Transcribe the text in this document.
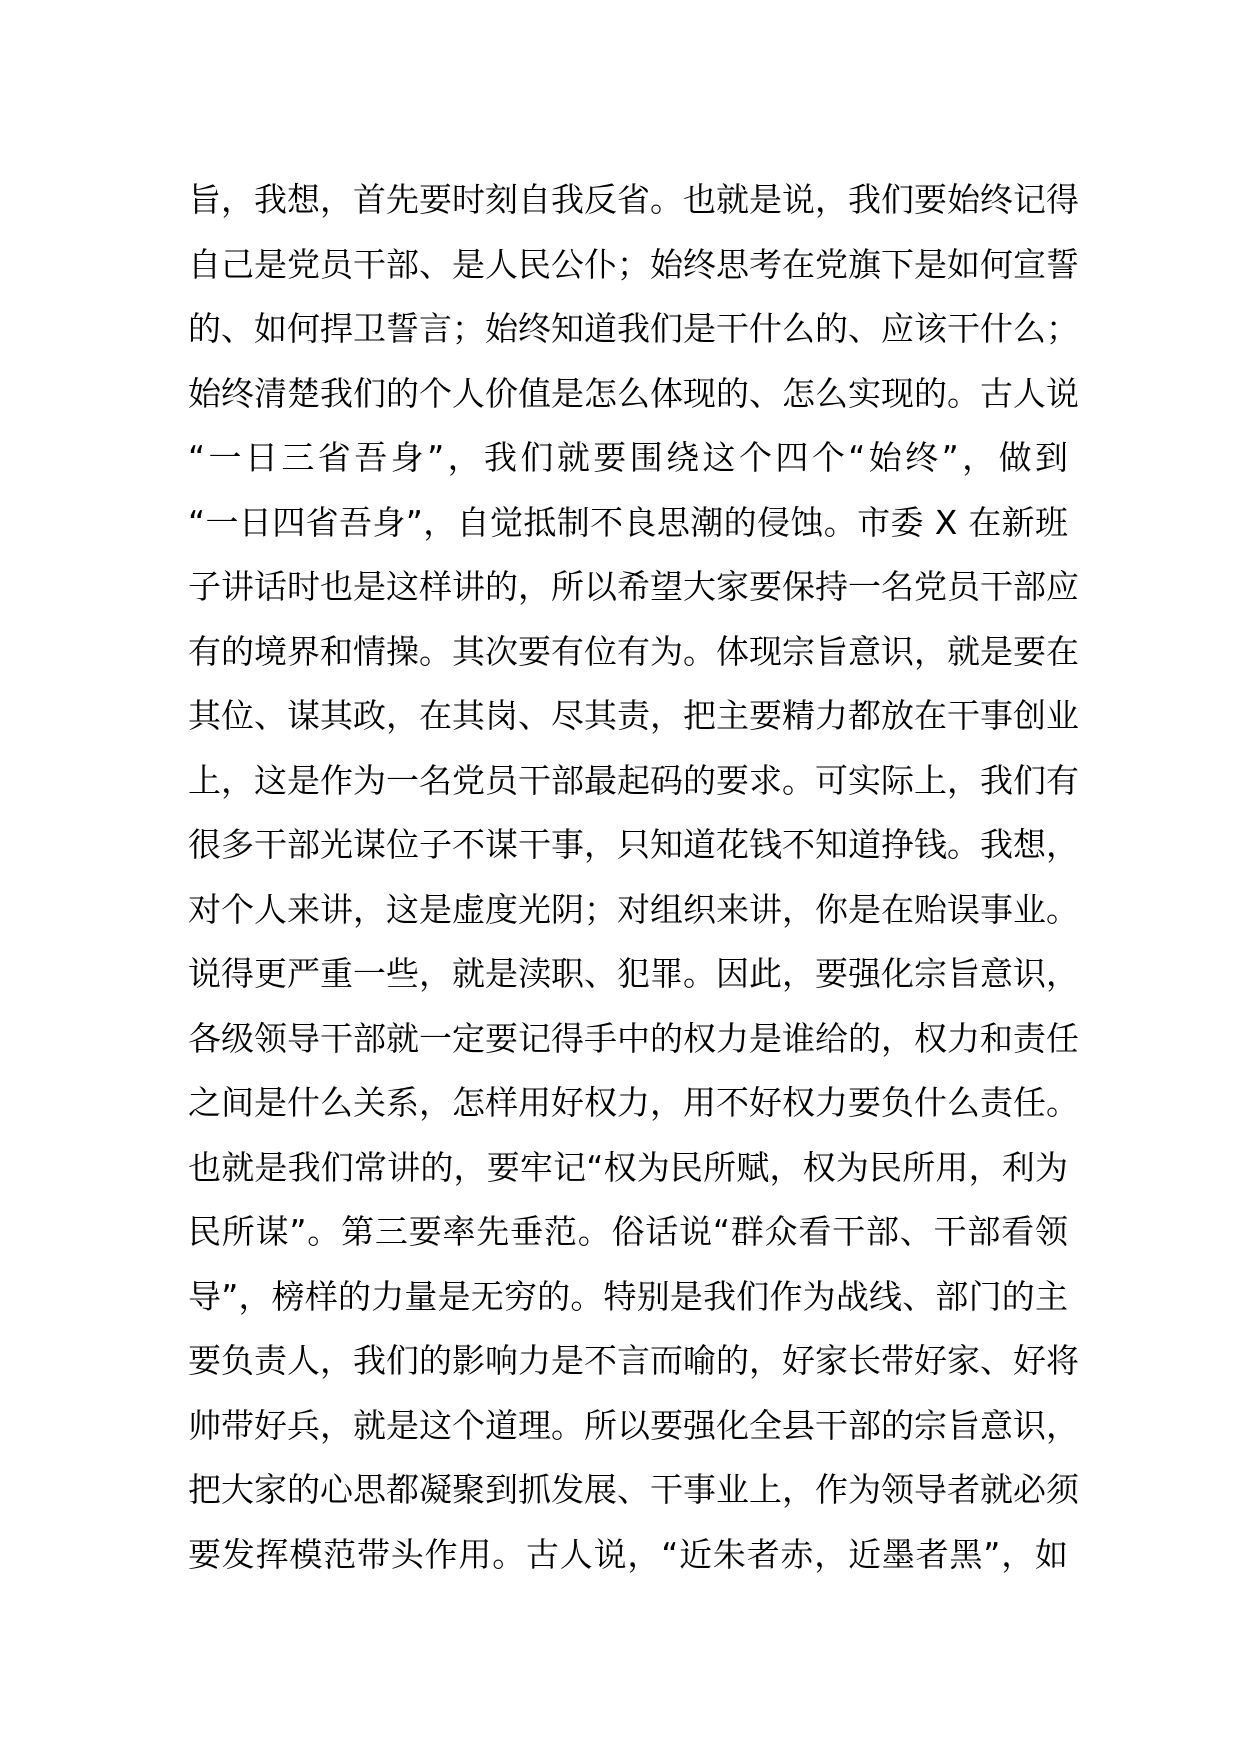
旨，我想，首先要时刻自我反省。也就是说，我们要始终记得
自己是党员干部、是人民公仆；始终思考在党旗下是如何宣誓
的、如何捍卫誓言；始终知道我们是干什么的、应该干什么；
始终清楚我们的个人价值是怎么体现的、怎么实现的。古人说
“一日三省吾身”，我们就要围绕这个四个“始终”，做到
“一日四省吾身”，自觉抵制不良思潮的侵蚀。市委 X 在新班
子讲话时也是这样讲的，所以希望大家要保持一名党员干部应
有的境界和情操。其次要有位有为。体现宗旨意识，就是要在
其位、谋其政，在其岗、尽其责，把主要精力都放在干事创业
上，这是作为一名党员干部最起码的要求。可实际上，我们有
很多干部光谋位子不谋干事，只知道花钱不知道挣钱。我想，
对个人来讲，这是虚度光阴；对组织来讲，你是在贻误事业。
说得更严重一些，就是渎职、犯罪。因此，要强化宗旨意识，
各级领导干部就一定要记得手中的权力是谁给的，权力和责任
之间是什么关系，怎样用好权力，用不好权力要负什么责任。
也就是我们常讲的，要牢记“权为民所赋，权为民所用，利为
民所谋”。第三要率先垂范。俗话说“群众看干部、干部看领
导”，榜样的力量是无穷的。特别是我们作为战线、部门的主
要负责人，我们的影响力是不言而喻的，好家长带好家、好将
帅带好兵，就是这个道理。所以要强化全县干部的宗旨意识，
把大家的心思都凝聚到抓发展、干事业上，作为领导者就必须
要发挥模范带头作用。古人说，“近朱者赤，近墨者黑”，如
